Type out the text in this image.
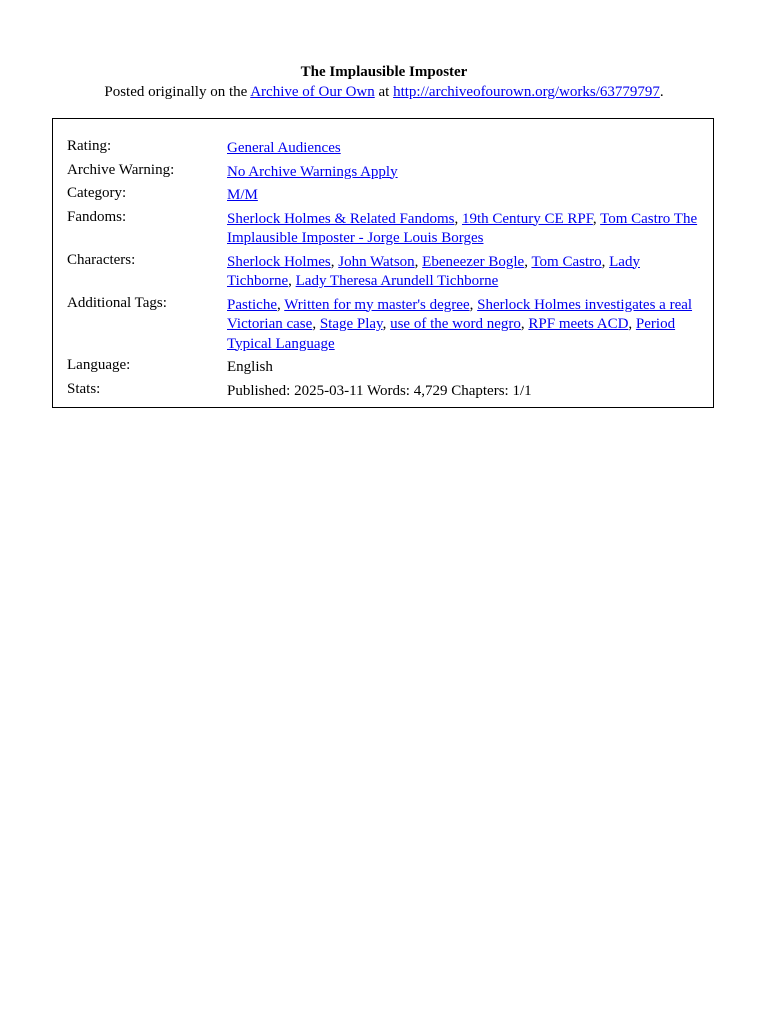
The Implausible Imposter
Posted originally on the Archive of Our Own at http://archiveofourown.org/works/63779797.
Rating:	General Audiences
Archive Warning:	No Archive Warnings Apply
Category:	M/M
Fandoms:	Sherlock Holmes & Related Fandoms, 19th Century CE RPF, Tom Castro The Implausible Imposter - Jorge Louis Borges
Characters:	Sherlock Holmes, John Watson, Ebeneezer Bogle, Tom Castro, Lady Tichborne, Lady Theresa Arundell Tichborne
Additional Tags:	Pastiche, Written for my master's degree, Sherlock Holmes investigates a real Victorian case, Stage Play, use of the word negro, RPF meets ACD, Period Typical Language
Language:	English
Stats:	Published: 2025-03-11 Words: 4,729 Chapters: 1/1
